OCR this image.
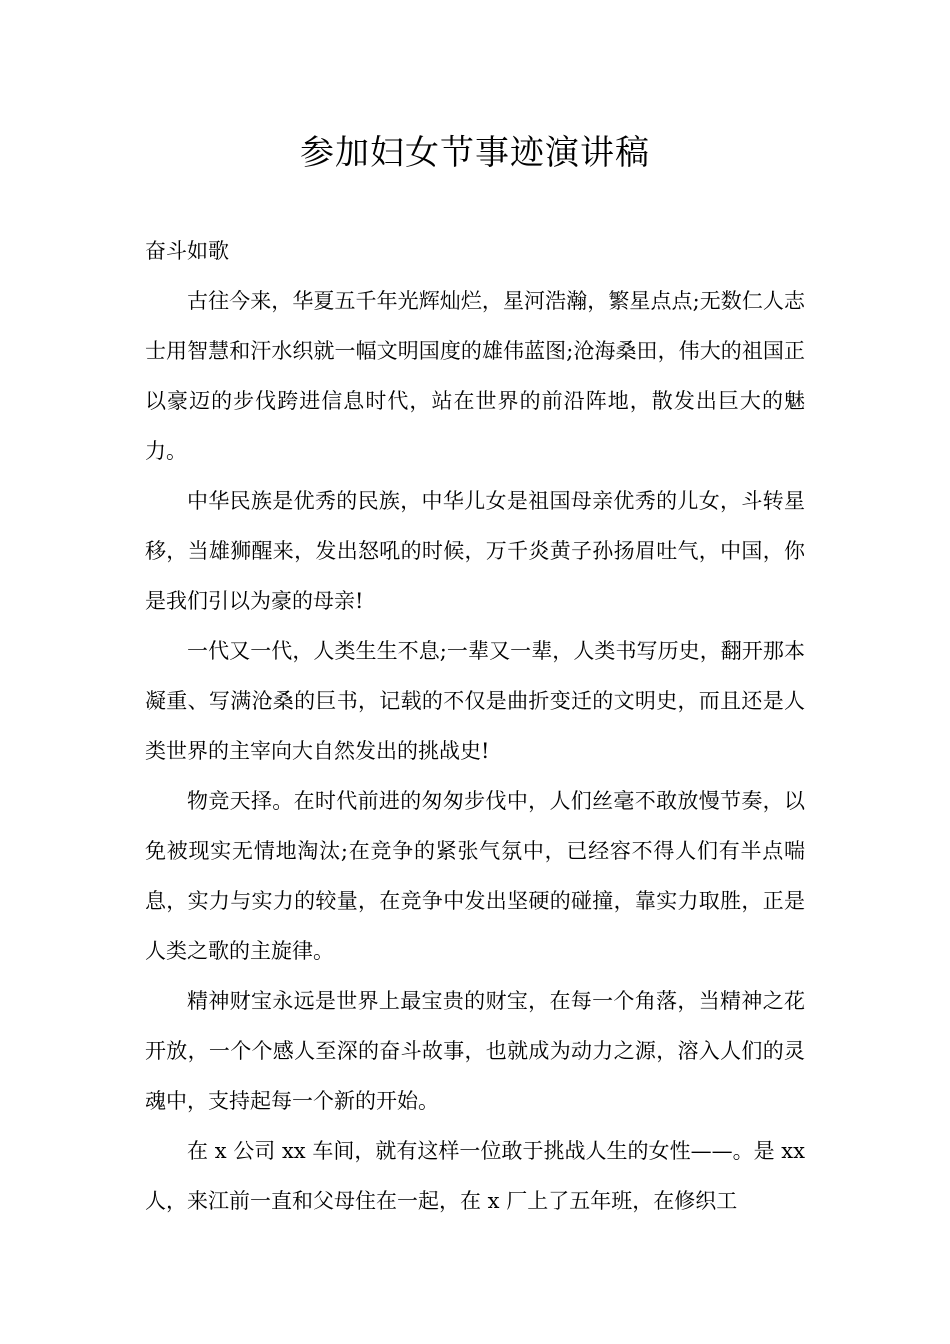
参加妇女节事迹演讲稿

奋斗如歌

古往今来，华夏五千年光辉灿烂，星河浩瀚，繁星点点;无数仁人志士用智慧和汗水织就一幅文明国度的雄伟蓝图;沧海桑田，伟大的祖国正以豪迈的步伐跨进信息时代，站在世界的前沿阵地，散发出巨大的魅力。

中华民族是优秀的民族，中华儿女是祖国母亲优秀的儿女，斗转星移，当雄狮醒来，发出怒吼的时候，万千炎黄子孙扬眉吐气，中国，你是我们引以为豪的母亲!

一代又一代，人类生生不息;一辈又一辈，人类书写历史，翻开那本凝重、写满沧桑的巨书，记载的不仅是曲折变迁的文明史，而且还是人类世界的主宰向大自然发出的挑战史!

物竞天择。在时代前进的匆匆步伐中，人们丝毫不敢放慢节奏，以免被现实无情地淘汰;在竞争的紧张气氛中，已经容不得人们有半点喘息，实力与实力的较量，在竞争中发出坚硬的碰撞，靠实力取胜，正是人类之歌的主旋律。

精神财宝永远是世界上最宝贵的财宝，在每一个角落，当精神之花开放，一个个感人至深的奋斗故事，也就成为动力之源，溶入人们的灵魂中，支持起每一个新的开始。

在 x 公司 xx 车间，就有这样一位敢于挑战人生的女性——。是 xx 人，来江前一直和父母住在一起，在 x 厂上了五年班，在修织工
